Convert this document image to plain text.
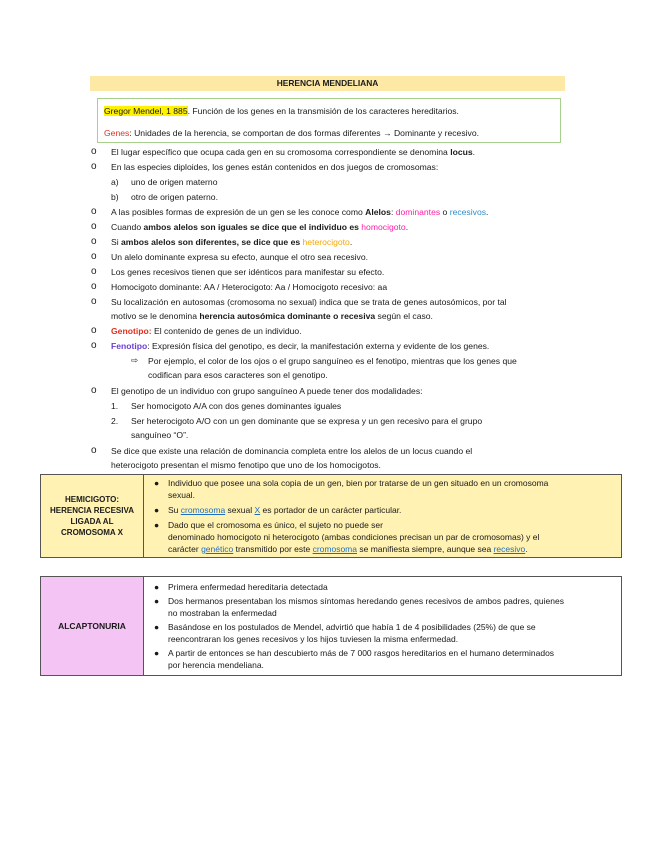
HERENCIA MENDELIANA
Gregor Mendel, 1 885. Función de los genes en la transmisión de los caracteres hereditarios.
Genes: Unidades de la herencia, se comportan de dos formas diferentes → Dominante y recesivo.
o El lugar específico que ocupa cada gen en su cromosoma correspondiente se denomina locus.
o En las especies diploides, los genes están contenidos en dos juegos de cromosomas:
a) uno de origen materno
b) otro de origen paterno.
o A las posibles formas de expresión de un gen se les conoce como Alelos: dominantes o recesivos.
o Cuando ambos alelos son iguales se dice que el individuo es homocigoto.
o Si ambos alelos son diferentes, se dice que es heterocigoto.
o Un alelo dominante expresa su efecto, aunque el otro sea recesivo.
o Los genes recesivos tienen que ser idénticos para manifestar su efecto.
o Homocigoto dominante: AA / Heterocigoto: Aa / Homocigoto recesivo: aa
o Su localización en autosomas (cromosoma no sexual) indica que se trata de genes autosómicos, por tal
motivo se le denomina herencia autosómica dominante o recesiva según el caso.
o Genotipo: El contenido de genes de un individuo.
o Fenotipo: Expresión física del genotipo, es decir, la manifestación externa y evidente de los genes.
⇨ Por ejemplo, el color de los ojos o el grupo sanguíneo es el fenotipo, mientras que los genes que
codifican para esos caracteres son el genotipo.
o El genotipo de un individuo con grupo sanguíneo A puede tener dos modalidades:
1. Ser homocigoto A/A con dos genes dominantes iguales
2. Ser heterocigoto A/O con un gen dominante que se expresa y un gen recesivo para el grupo
sanguíneo “O”.
o Se dice que existe una relación de dominancia completa entre los alelos de un locus cuando el
heterocigoto presentan el mismo fenotipo que uno de los homocigotos.
HEMICIGOTO:
HERENCIA RECESIVA
LIGADA AL
CROMOSOMA X

● Individuo que posee una sola copia de un gen, bien por tratarse de un gen situado en un cromosoma
sexual.
● Su cromosoma sexual X es portador de un carácter particular.
● Dado que el cromosoma es único, el sujeto no puede ser
denominado homocigoto ni heterocigoto (ambas condiciones precisan un par de cromosomas) y el
carácter genético transmitido por este cromosoma se manifiesta siempre, aunque sea recesivo.
ALCAPTONURIA	
● Primera enfermedad hereditaria detectada
● Dos hermanos presentaban los mismos síntomas heredando genes recesivos de ambos padres, quienes
no mostraban la enfermedad
● Basándose en los postulados de Mendel, advirtió que había 1 de 4 posibilidades (25%) de que se
reencontraran los genes recesivos y los hijos tuviesen la misma enfermedad.
● A partir de entonces se han descubierto más de 7 000 rasgos hereditarios en el humano determinados
por herencia mendeliana.
